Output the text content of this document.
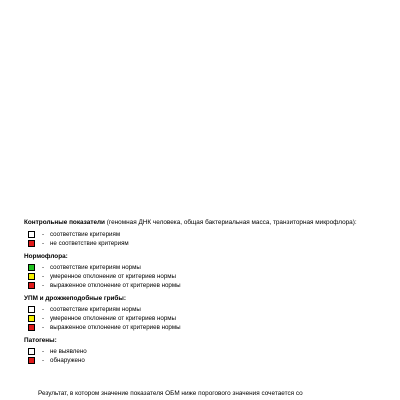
Контрольные показатели (геномная ДНК человека, общая бактериальная масса, транзиторная микрофлора):

- соответствие критериям
- не соответствие критериям

Нормофлора:

- соответствие критериям нормы
- умеренное отклонение от критериев нормы
- выраженное отклонение от критериев нормы

УПМ и дрожжеподобные грибы:

- соответствие критериям нормы
- умеренное отклонение от критериев нормы
- выраженное отклонение от критериев нормы

Патогены:

- не выявлено
- обнаружено
Результат, в котором значение показателя ОБМ ниже порогового значения сочетается со
